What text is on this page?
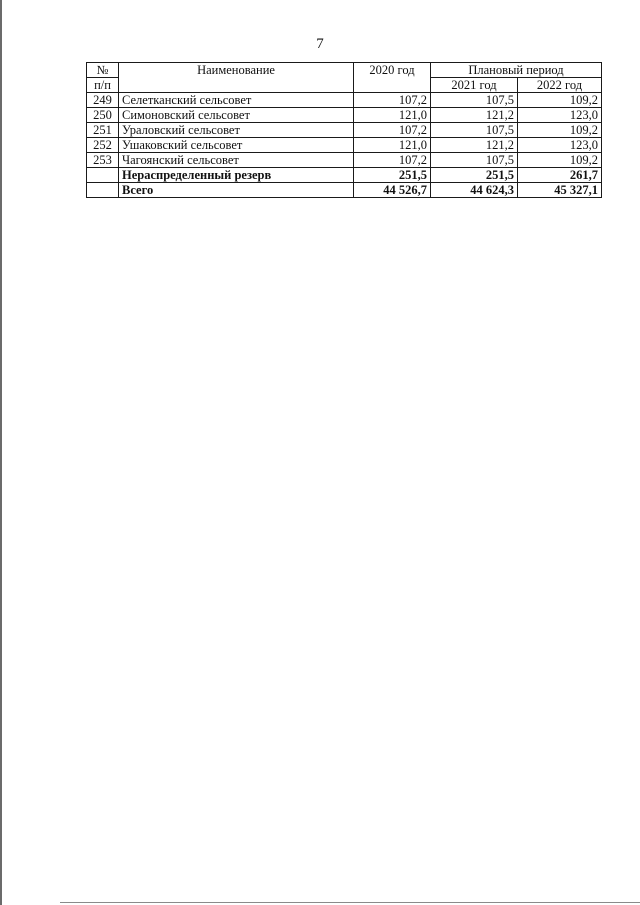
7
№	Наименование	2020 год	Плановый период	
п/п			2021 год	2022 год
249	Селетканский сельсовет	107,2	107,5	109,2
250	Симоновский сельсовет	121,0	121,2	123,0
251	Ураловский сельсовет	107,2	107,5	109,2
252	Ушаковский сельсовет	121,0	121,2	123,0
253	Чагоянский сельсовет	107,2	107,5	109,2
	Нераспределенный резерв	251,5	251,5	261,7
	Всего	44 526,7	44 624,3	45 327,1
